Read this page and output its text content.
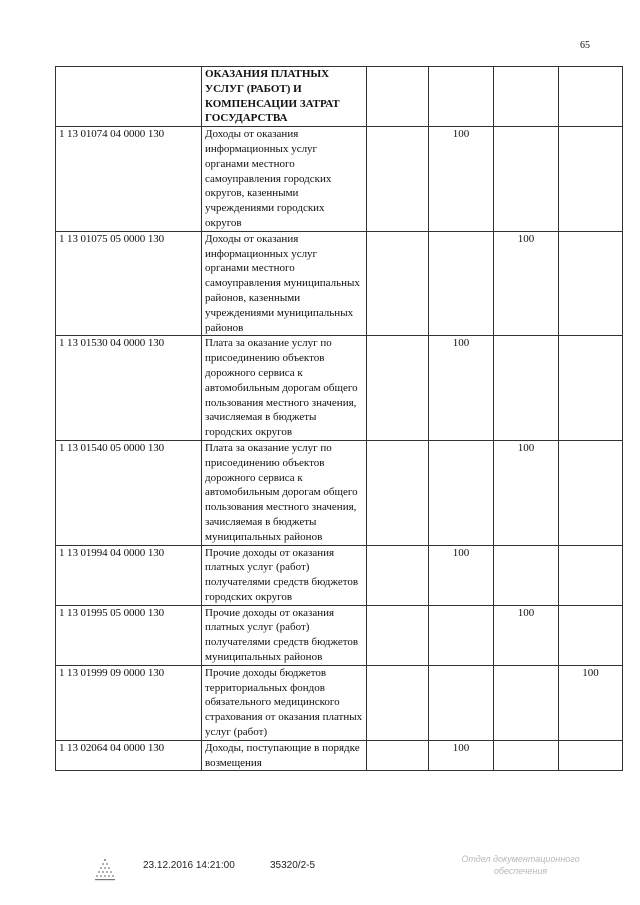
65
	ОКАЗАНИЯ ПЛАТНЫХ УСЛУГ (РАБОТ) И КОМПЕНСАЦИИ ЗАТРАТ ГОСУДАРСТВА				
1 13 01074 04 0000 130	Доходы от оказания информационных услуг органами местного самоуправления городских округов, казенными учреждениями городских округов		100		
1 13 01075 05 0000 130	Доходы от оказания информационных услуг органами местного самоуправления муниципальных районов, казенными учреждениями муниципальных районов			100	
1 13 01530 04 0000 130	Плата за оказание услуг по присоединению объектов дорожного сервиса к автомобильным дорогам общего пользования местного значения, зачисляемая в бюджеты городских округов		100		
1 13 01540 05 0000 130	Плата за оказание услуг по присоединению объектов дорожного сервиса к автомобильным дорогам общего пользования местного значения, зачисляемая в бюджеты муниципальных районов			100	
1 13 01994 04 0000 130	Прочие доходы от оказания платных услуг (работ) получателями средств бюджетов городских округов		100		
1 13 01995 05 0000 130	Прочие доходы от оказания платных услуг (работ) получателями средств бюджетов муниципальных районов			100	
1 13 01999 09 0000 130	Прочие доходы бюджетов территориальных фондов обязательного медицинского страхования от оказания платных услуг (работ)				100
1 13 02064 04 0000 130	Доходы, поступающие в порядке возмещения		100		
23.12.2016 14:21:00	35320/2-5
Отдел документационного
обеспечения
